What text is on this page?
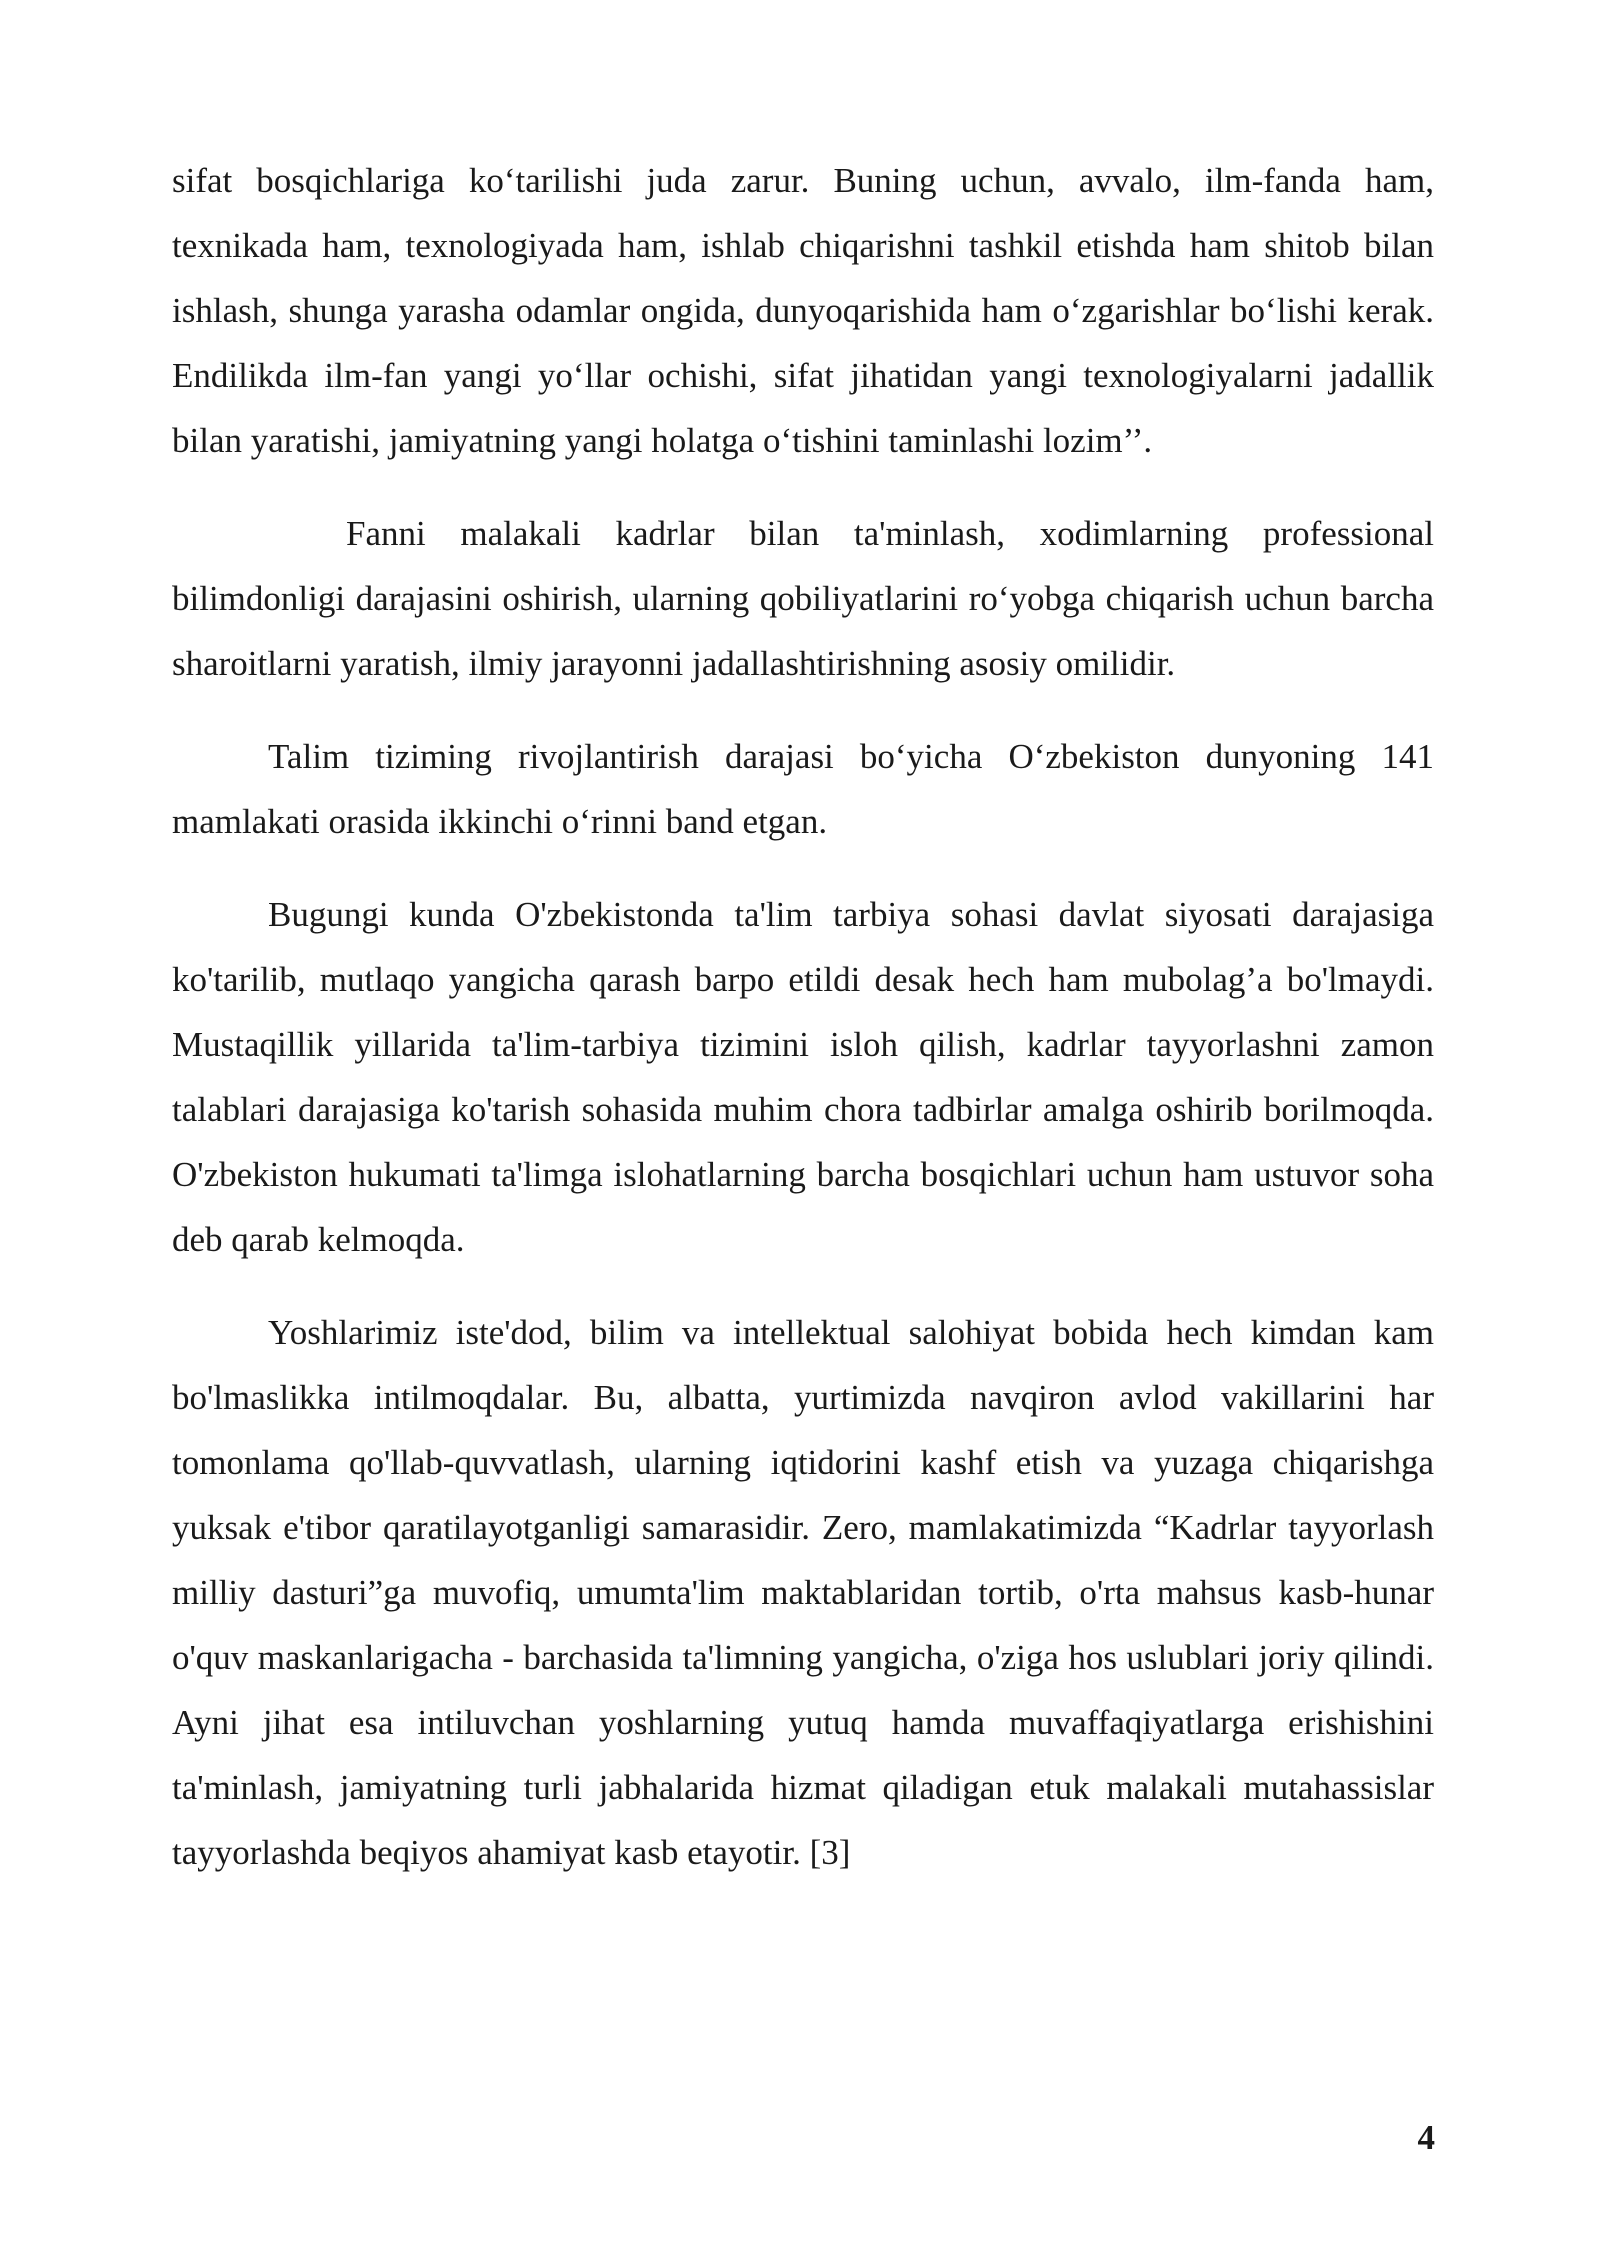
sifat bosqichlariga ko‘tarilishi juda zarur. Buning uchun, avvalo, ilm-fanda ham, texnikada ham, texnologiyada ham, ishlab chiqarishni tashkil etishda ham shitob bilan ishlash, shunga yarasha odamlar ongida, dunyoqarishida ham o‘zgarishlar bo‘lishi kerak. Endilikda ilm-fan yangi yo‘llar ochishi, sifat jihatidan yangi texnologiyalarni jadallik bilan yaratishi, jamiyatning yangi holatga o‘tishini taminlashi lozim’’.

Fanni malakali kadrlar bilan ta'minlash, xodimlarning professional bilimdonligi darajasini oshirish, ularning qobiliyatlarini ro‘yobga chiqarish uchun barcha sharoitlarni yaratish, ilmiy jarayonni jadallashtirishning asosiy omilidir.

Talim tiziming rivojlantirish darajasi bo‘yicha O‘zbekiston dunyoning 141 mamlakati orasida ikkinchi o‘rinni band etgan.

Bugungi kunda O'zbekistonda ta'lim tarbiya sohasi davlat siyosati darajasiga ko'tarilib, mutlaqo yangicha qarash barpo etildi desak hech ham mubolag’a bo'lmaydi. Mustaqillik yillarida ta'lim-tarbiya tizimini isloh qilish, kadrlar tayyorlashni zamon talablari darajasiga ko'tarish sohasida muhim chora tadbirlar amalga oshirib borilmoqda. O'zbekiston hukumati ta'limga islohatlarning barcha bosqichlari uchun ham ustuvor soha deb qarab kelmoqda.

Yoshlarimiz iste'dod, bilim va intellektual salohiyat bobida hech kimdan kam bo'lmaslikka intilmoqdalar. Bu, albatta, yurtimizda navqiron avlod vakillarini har tomonlama qo'llab-quvvatlash, ularning iqtidorini kashf etish va yuzaga chiqarishga yuksak e'tibor qaratilayotganligi samarasidir. Zero, mamlakatimizda “Kadrlar tayyorlash milliy dasturi”ga muvofiq, umumta'lim maktablaridan tortib, o'rta mahsus kasb-hunar o'quv maskanlarigacha - barchasida ta'limning yangicha, o'ziga hos uslublari joriy qilindi. Ayni jihat esa intiluvchan yoshlarning yutuq hamda muvaffaqiyatlarga erishishini ta'minlash, jamiyatning turli jabhalarida hizmat qiladigan etuk malakali mutahassislar tayyorlashda beqiyos ahamiyat kasb etayotir. [3]

4
